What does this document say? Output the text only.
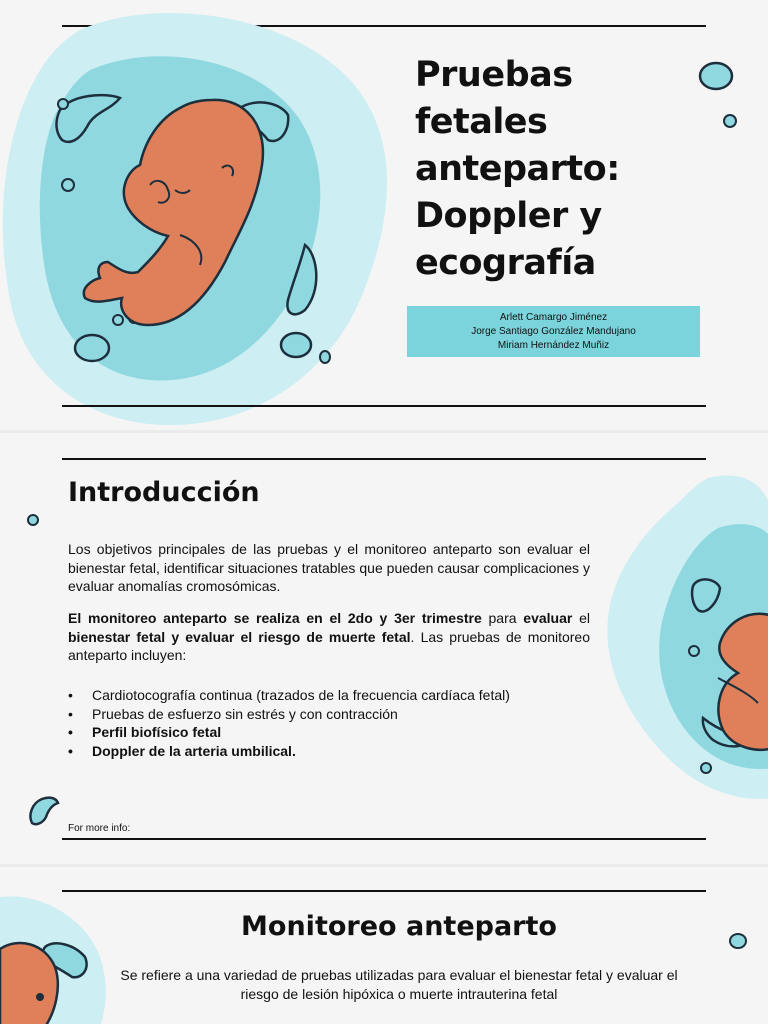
Pruebas fetales anteparto: Doppler y ecografía
Arlett Camargo Jiménez
Jorge Santiago González Mandujano
Miriam Hernández Muñiz
Introducción

Los objetivos principales de las pruebas y el monitoreo anteparto son evaluar el bienestar fetal, identificar situaciones tratables que pueden causar complicaciones y evaluar anomalías cromosómicas.

El monitoreo anteparto se realiza en el 2do y 3er trimestre para evaluar el bienestar fetal y evaluar el riesgo de muerte fetal. Las pruebas de monitoreo anteparto incluyen:

• Cardiotocografía continua (trazados de la frecuencia cardíaca fetal)
• Pruebas de esfuerzo sin estrés y con contracción
• Perfil biofísico fetal
• Doppler de la arteria umbilical.
For more info:
Monitoreo anteparto

Se refiere a una variedad de pruebas utilizadas para evaluar el bienestar fetal y evaluar el riesgo de lesión hipóxica o muerte intrauterina fetal
